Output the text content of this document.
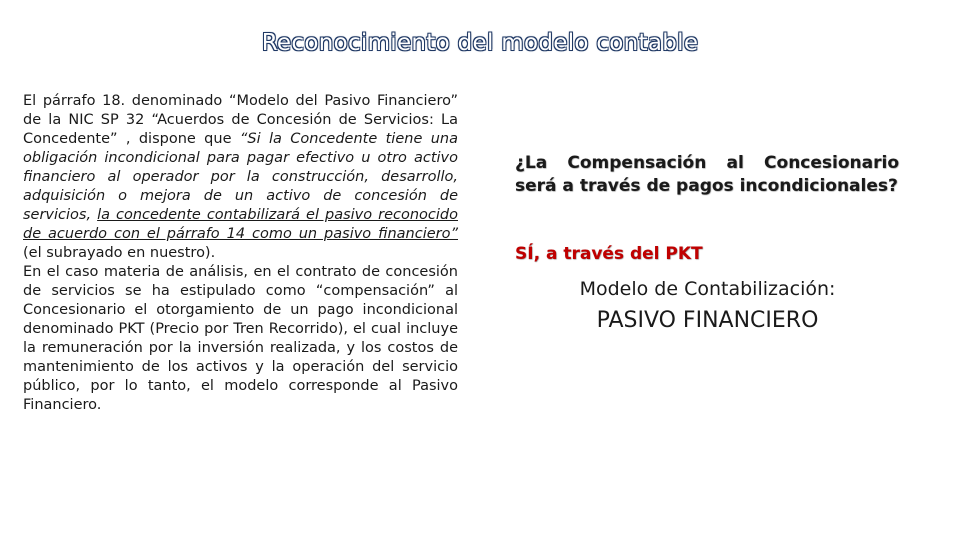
Reconocimiento del modelo contable

El párrafo 18. denominado “Modelo del Pasivo Financiero” de la NIC SP 32 “Acuerdos de Concesión de Servicios: La Concedente” , dispone que “Si la Concedente tiene una obligación incondicional para pagar efectivo u otro activo financiero al operador por la construcción, desarrollo, adquisición o mejora de un activo de concesión de servicios, la concedente contabilizará el pasivo reconocido de acuerdo con el párrafo 14 como un pasivo financiero” (el subrayado en nuestro).

En el caso materia de análisis, en el contrato de concesión de servicios se ha estipulado como “compensación” al Concesionario el otorgamiento de un pago incondicional denominado PKT (Precio por Tren Recorrido), el cual incluye la remuneración por la inversión realizada, y los costos de mantenimiento de los activos y la operación del servicio público, por lo tanto, el modelo corresponde al Pasivo Financiero.

¿La Compensación al Concesionario será a través de pagos incondicionales?
SÍ, a través del PKT
Modelo de Contabilización:
PASIVO FINANCIERO
